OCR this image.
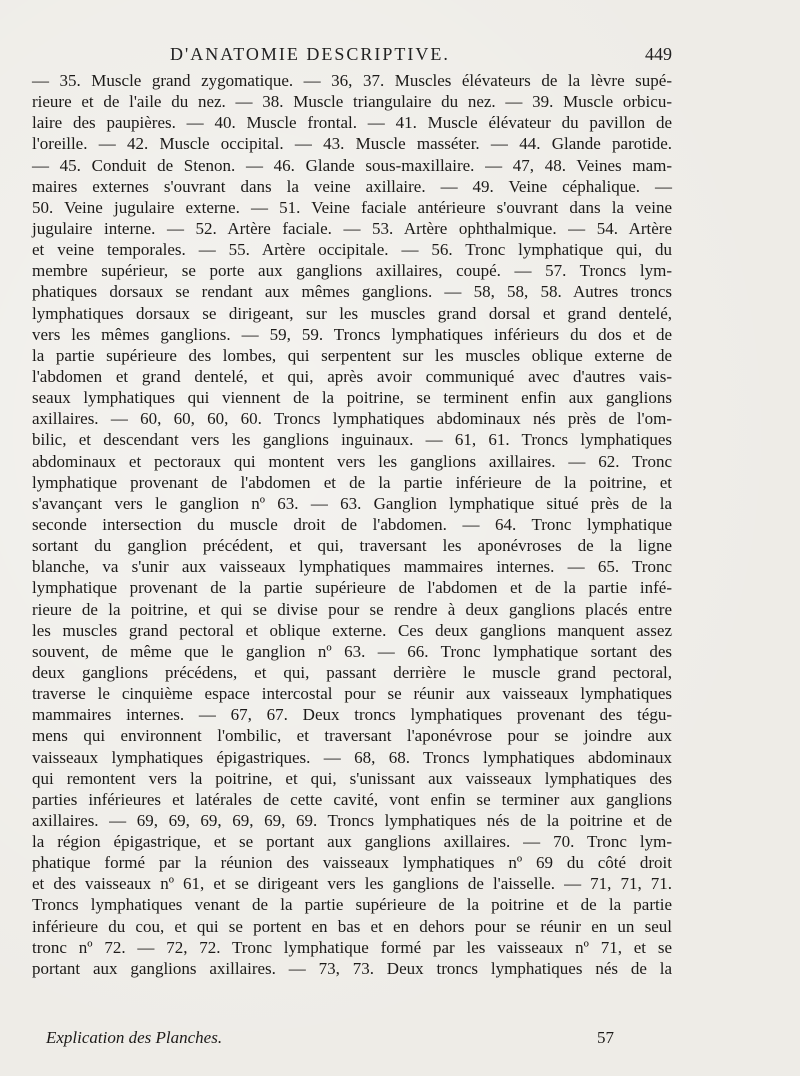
D'ANATOMIE DESCRIPTIVE.	449
— 35. Muscle grand zygomatique. — 36, 37. Muscles élévateurs de la lèvre supé-
rieure et de l'aile du nez. — 38. Muscle triangulaire du nez. — 39. Muscle orbicu-
laire des paupières. — 40. Muscle frontal. — 41. Muscle élévateur du pavillon de
l'oreille. — 42. Muscle occipital. — 43. Muscle masséter. — 44. Glande parotide.
— 45. Conduit de Stenon. — 46. Glande sous-maxillaire. — 47, 48. Veines mam-
maires externes s'ouvrant dans la veine axillaire. — 49. Veine céphalique. —
50. Veine jugulaire externe. — 51. Veine faciale antérieure s'ouvrant dans la veine
jugulaire interne. — 52. Artère faciale. — 53. Artère ophthalmique. — 54. Artère
et veine temporales. — 55. Artère occipitale. — 56. Tronc lymphatique qui, du
membre supérieur, se porte aux ganglions axillaires, coupé. — 57. Troncs lym-
phatiques dorsaux se rendant aux mêmes ganglions. — 58, 58, 58. Autres troncs
lymphatiques dorsaux se dirigeant, sur les muscles grand dorsal et grand dentelé,
vers les mêmes ganglions. — 59, 59. Troncs lymphatiques inférieurs du dos et de
la partie supérieure des lombes, qui serpentent sur les muscles oblique externe de
l'abdomen et grand dentelé, et qui, après avoir communiqué avec d'autres vais-
seaux lymphatiques qui viennent de la poitrine, se terminent enfin aux ganglions
axillaires. — 60, 60, 60, 60. Troncs lymphatiques abdominaux nés près de l'om-
bilic, et descendant vers les ganglions inguinaux. — 61, 61. Troncs lymphatiques
abdominaux et pectoraux qui montent vers les ganglions axillaires. — 62. Tronc
lymphatique provenant de l'abdomen et de la partie inférieure de la poitrine, et
s'avançant vers le ganglion nº 63. — 63. Ganglion lymphatique situé près de la
seconde intersection du muscle droit de l'abdomen. — 64. Tronc lymphatique
sortant du ganglion précédent, et qui, traversant les aponévroses de la ligne
blanche, va s'unir aux vaisseaux lymphatiques mammaires internes. — 65. Tronc
lymphatique provenant de la partie supérieure de l'abdomen et de la partie infé-
rieure de la poitrine, et qui se divise pour se rendre à deux ganglions placés entre
les muscles grand pectoral et oblique externe. Ces deux ganglions manquent assez
souvent, de même que le ganglion nº 63. — 66. Tronc lymphatique sortant des
deux ganglions précédens, et qui, passant derrière le muscle grand pectoral,
traverse le cinquième espace intercostal pour se réunir aux vaisseaux lymphatiques
mammaires internes. — 67, 67. Deux troncs lymphatiques provenant des tégu-
mens qui environnent l'ombilic, et traversant l'aponévrose pour se joindre aux
vaisseaux lymphatiques épigastriques. — 68, 68. Troncs lymphatiques abdominaux
qui remontent vers la poitrine, et qui, s'unissant aux vaisseaux lymphatiques des
parties inférieures et latérales de cette cavité, vont enfin se terminer aux ganglions
axillaires. — 69, 69, 69, 69, 69, 69. Troncs lymphatiques nés de la poitrine et de
la région épigastrique, et se portant aux ganglions axillaires. — 70. Tronc lym-
phatique formé par la réunion des vaisseaux lymphatiques nº 69 du côté droit
et des vaisseaux nº 61, et se dirigeant vers les ganglions de l'aisselle. — 71, 71, 71.
Troncs lymphatiques venant de la partie supérieure de la poitrine et de la partie
inférieure du cou, et qui se portent en bas et en dehors pour se réunir en un seul
tronc nº 72. — 72, 72. Tronc lymphatique formé par les vaisseaux nº 71, et se
portant aux ganglions axillaires. — 73, 73. Deux troncs lymphatiques nés de la
Explication des Planches.	57
